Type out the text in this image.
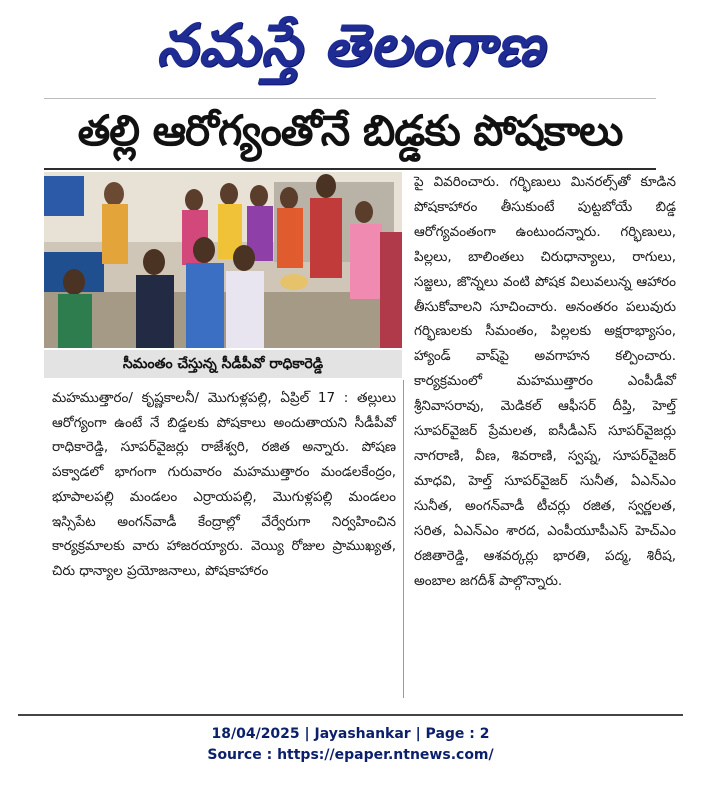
నమస్తే తెలంగాణ
తల్లి ఆరోగ్యంతోనే బిడ్డకు పోషకాలు
సీమంతం చేస్తున్న సీడీపీవో రాధికారెడ్డి

మహముత్తారం/ కృష్ణకాలనీ/ మొగుళ్లపల్లి, ఏప్రిల్ 17 : తల్లులు ఆరోగ్యంగా ఉంటే నే బిడ్డలకు పోషకాలు అందుతాయని సీడీపీవో రాధికారెడ్డి, సూపర్‌వైజర్లు రాజేశ్వరి, రజిత అన్నారు. పోషణ పక్వాడలో భాగంగా గురువారం మహముత్తారం మండలకేంద్రం, భూపాలపల్లి మండలం ఎర్రాయపల్లి, మొగుళ్లపల్లి మండలం ఇస్సిపేట అంగన్‌వాడీ కేంద్రాల్లో వేర్వేరుగా నిర్వహించిన కార్యక్రమాలకు వారు హాజరయ్యారు. వెయ్యి రోజుల ప్రాముఖ్యత, చిరు ధాన్యాల ప్రయోజనాలు, పోషకాహారం

పై వివరించారు. గర్భిణులు మినరల్స్‌తో కూడిన పోషకాహారం తీసుకుంటే పుట్టబోయే బిడ్డ ఆరోగ్యవంతంగా ఉంటుందన్నారు. గర్భిణులు, పిల్లలు, బాలింతలు చిరుధాన్యాలు, రాగులు, సజ్జలు, జొన్నలు వంటి పోషక విలువలున్న ఆహారం తీసుకోవాలని సూచించారు. అనంతరం పలువురు గర్భిణులకు సీమంతం, పిల్లలకు అక్షరాభ్యాసం, హ్యాండ్ వాష్‌పై అవగాహన కల్పించారు. కార్యక్రమంలో మహముత్తారం ఎంపీడీవో శ్రీనివాసరావు, మెడికల్ ఆఫీసర్ దీప్తి, హెల్త్ సూపర్‌వైజర్ ప్రేమలత, ఐసీడీఎస్ సూపర్‌వైజర్లు నాగరాణి, వీణ, శివరాణి, స్వప్న, సూపర్‌వైజర్ మాధవి, హెల్త్ సూపర్‌వైజర్ సునీత, ఏఎన్‌ఎం సునీత, అంగన్‌వాడీ టీచర్లు రజిత, స్వర్ణలత, సరిత, ఏఎన్‌ఎం శారద, ఎంపీయూపీఎస్ హెచ్‌ఎం రజితారెడ్డి, ఆశవర్కర్లు భారతి, పద్మ, శిరీష, అంబాల జగదీశ్ పాల్గొన్నారు.

18/04/2025 | Jayashankar | Page : 2
Source : https://epaper.ntnews.com/
